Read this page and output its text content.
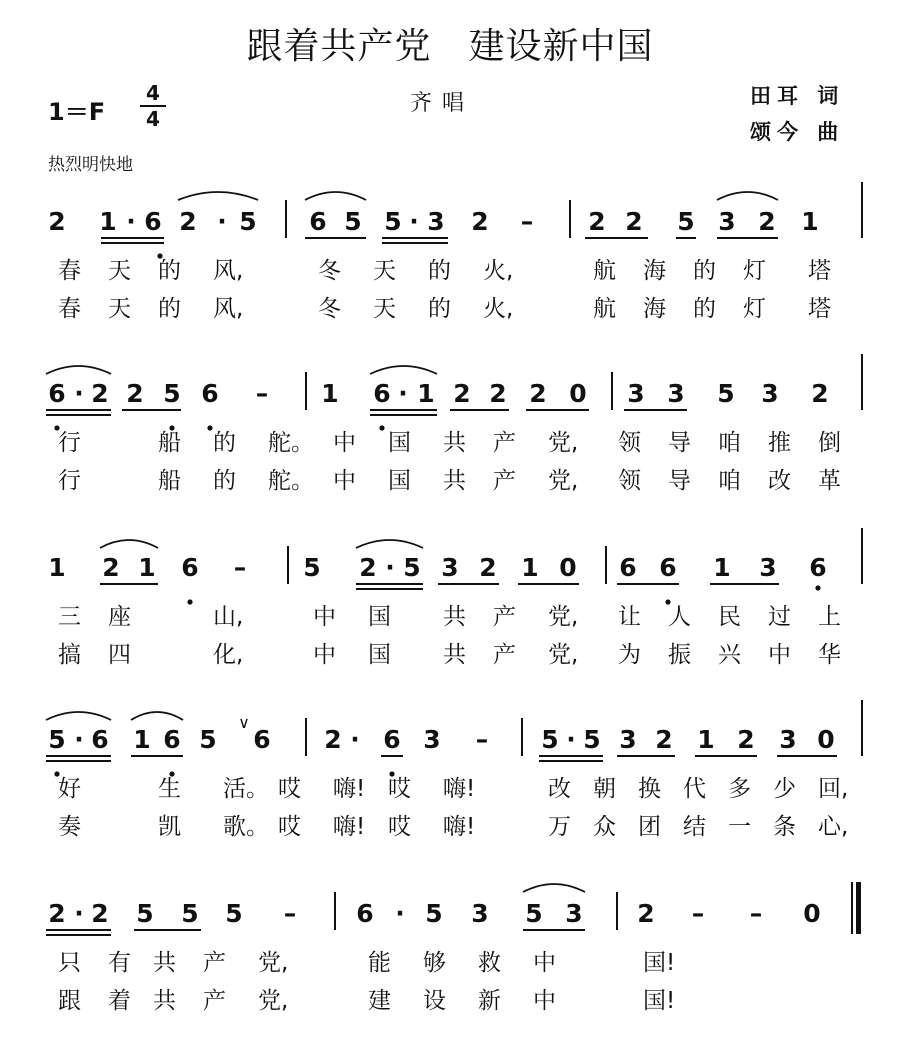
跟着共产党　建设新中国
1＝F
4
4
齐唱	田耳 词
颂今 曲
热烈明快地
2 1 · 6 2 · 5 6 5 5 · 3 2 – 2 2 5 3 2 1
春 天 的 风,	冬 天 的 火,	航 海 的 灯 塔
春 天 的 风,	冬 天 的 火,	航 海 的 灯 塔
6 · 2 2 5 6 – 1 6 · 1 2 2 2 0 3 3 5 3 2
行	船 的 舵。 中 国 共 产 党, 领 导 咱 推 倒
行	船 的 舵。 中 国 共 产 党, 领 导 咱 改 革
1 2 1 6 – 5 2 · 5 3 2 1 0 6 6 1 3 6
三 座	山,	中 国 共 产 党, 让 人 民 过 上
搞 四	化,	中 国 共 产 党, 为 振 兴 中 华
5 · 6 1 6 5 6 2 · 6 3 – 5 · 5 3 2 1 2 3 0
∨
好	生 活。 哎 嗨! 哎 嗨!	改 朝 换 代 多 少 回,
奏	凯 歌。 哎 嗨! 哎 嗨!	万 众 团 结 一 条 心,
2 · 2 5 5 5 – 6 · 5 3 5 3 2 – – 0
只 有 共 产 党,	能 够 救 中	国!
跟 着 共 产 党,	建 设 新 中	国!
